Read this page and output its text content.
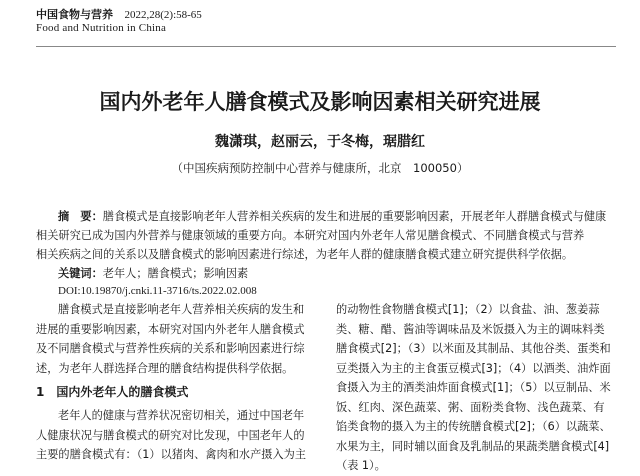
中国食物与营养 2022,28(2):58-65
Food and Nutrition in China
国内外老年人膳食模式及影响因素相关研究进展
魏潇琪，赵丽云，于冬梅，琚腊红
（中国疾病预防控制中心营养与健康所，北京　100050）
摘　要：膳食模式是直接影响老年人营养相关疾病的发生和进展的重要影响因素，开展老年人群膳食模式与健康
相关研究已成为国内外营养与健康领域的重要方向。本研究对国内外老年人常见膳食模式、不同膳食模式与营养
相关疾病之间的关系以及膳食模式的影响因素进行综述，为老年人群的健康膳食模式建立研究提供科学依据。
关键词：老年人；膳食模式；影响因素
DOI:10.19870/j.cnki.11-3716/ts.2022.02.008
膳食模式是直接影响老年人营养相关疾病的发生和
进展的重要影响因素，本研究对国内外老年人膳食模式
及不同膳食模式与营养性疾病的关系和影响因素进行综
述，为老年人群选择合理的膳食结构提供科学依据。
1　国内外老年人的膳食模式
老年人的健康与营养状况密切相关，通过中国老年
人健康状况与膳食模式的研究对比发现，中国老年人的
主要的膳食模式有：（1）以猪肉、禽肉和水产摄入为主
的动物性食物膳食模式[1]；（2）以食盐、油、葱姜蒜
类、糖、醋、酱油等调味品及米饭摄入为主的调味料类
膳食模式[2]；（3）以米面及其制品、其他谷类、蛋类和
豆类摄入为主的主食蛋豆模式[3]；（4）以酒类、油炸面
食摄入为主的酒类油炸面食模式[1]；（5）以豆制品、米
饭、红肉、深色蔬菜、粥、面粉类食物、浅色蔬菜、有
馅类食物的摄入为主的传统膳食模式[2]；（6）以蔬菜、
水果为主，同时辅以面食及乳制品的果蔬类膳食模式[4]
（表 1）。
